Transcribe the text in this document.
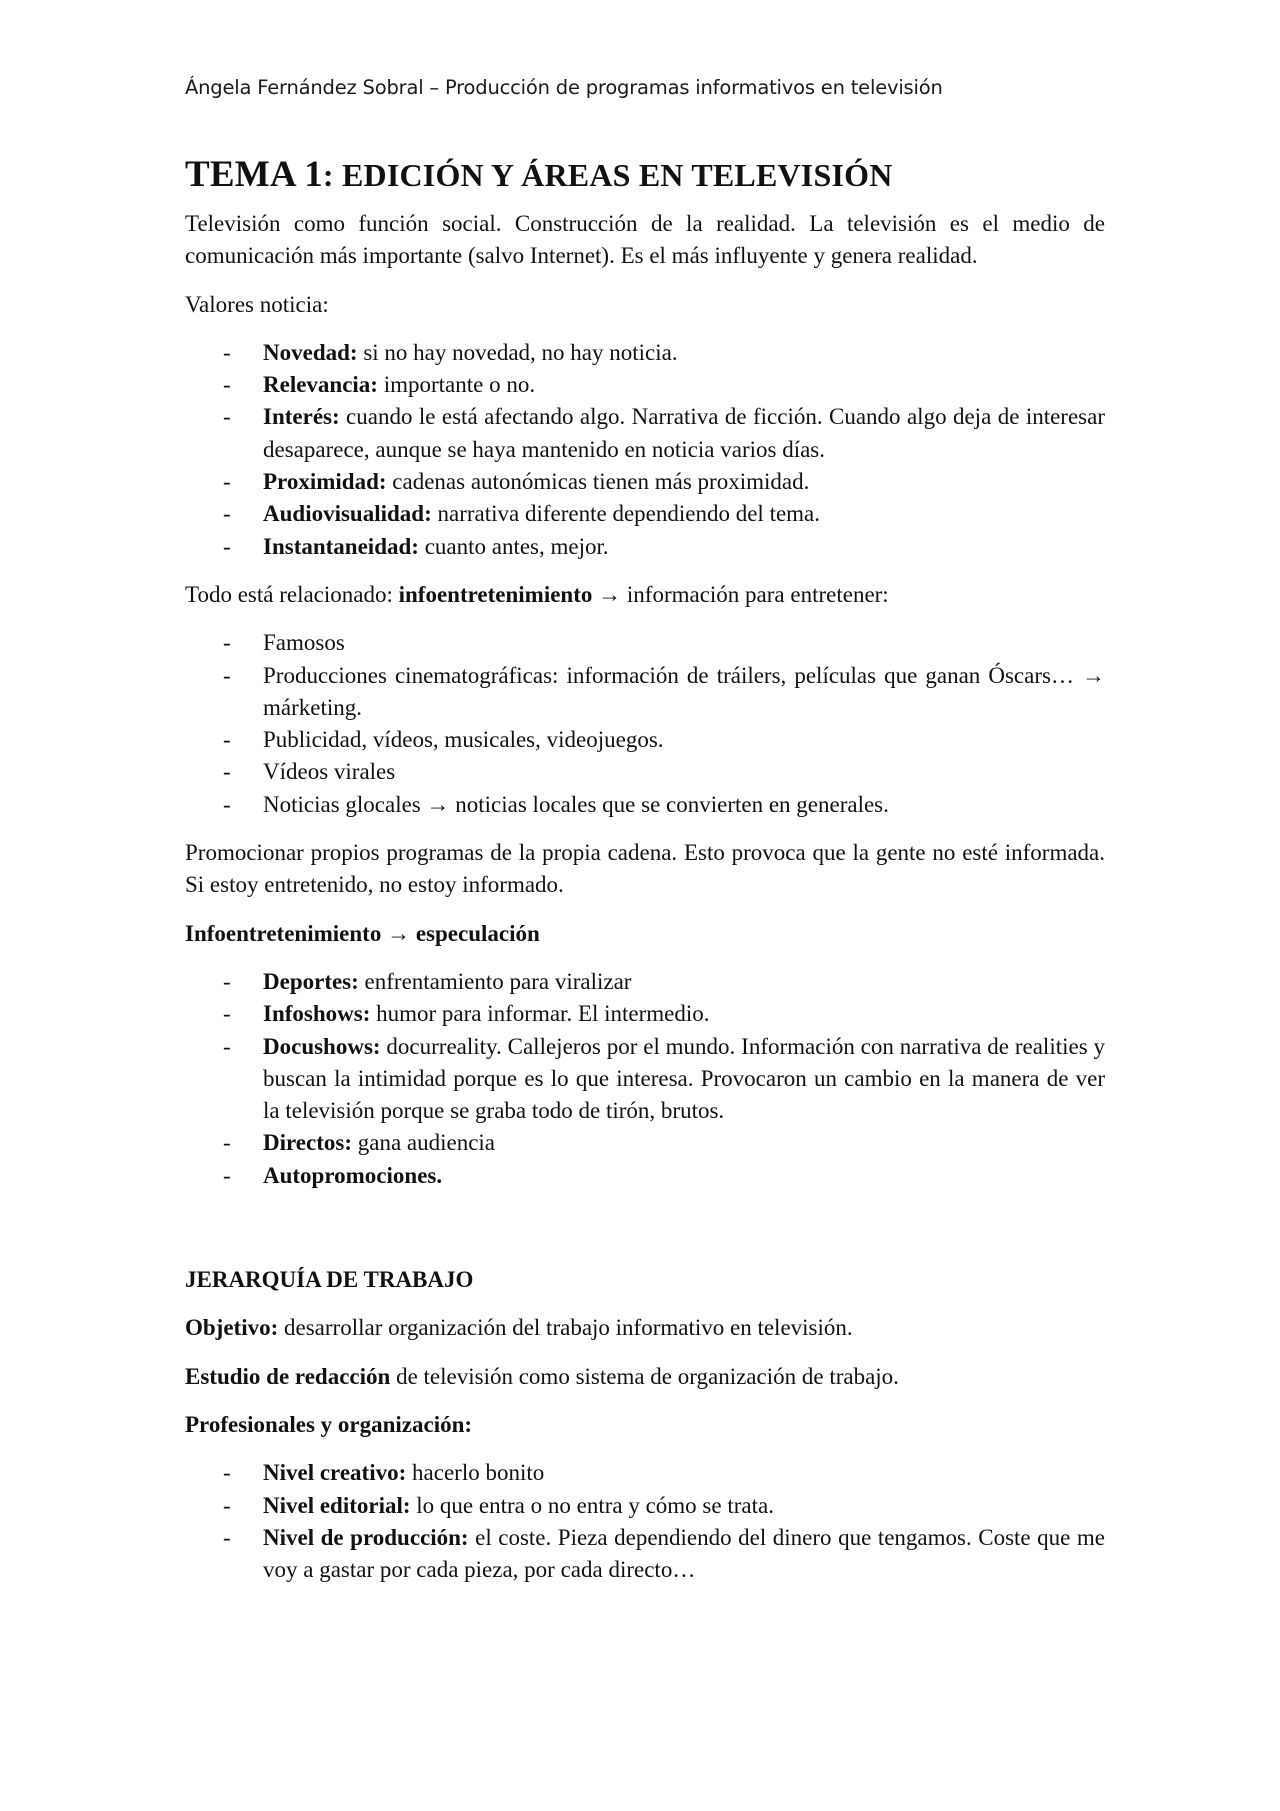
Ángela Fernández Sobral – Producción de programas informativos en televisión
TEMA 1: EDICIÓN Y ÁREAS EN TELEVISIÓN

Televisión como función social. Construcción de la realidad. La televisión es el medio de comunicación más importante (salvo Internet). Es el más influyente y genera realidad.

Valores noticia:

- Novedad: si no hay novedad, no hay noticia.
- Relevancia: importante o no.
- Interés: cuando le está afectando algo. Narrativa de ficción. Cuando algo deja de interesar desaparece, aunque se haya mantenido en noticia varios días.
- Proximidad: cadenas autonómicas tienen más proximidad.
- Audiovisualidad: narrativa diferente dependiendo del tema.
- Instantaneidad: cuanto antes, mejor.

Todo está relacionado: infoentretenimiento → información para entretener:

- Famosos
- Producciones cinematográficas: información de tráilers, películas que ganan Óscars… → márketing.
- Publicidad, vídeos, musicales, videojuegos.
- Vídeos virales
- Noticias glocales → noticias locales que se convierten en generales.

Promocionar propios programas de la propia cadena. Esto provoca que la gente no esté informada. Si estoy entretenido, no estoy informado.

Infoentretenimiento → especulación

- Deportes: enfrentamiento para viralizar
- Infoshows: humor para informar. El intermedio.
- Docushows: docurreality. Callejeros por el mundo. Información con narrativa de realities y buscan la intimidad porque es lo que interesa. Provocaron un cambio en la manera de ver la televisión porque se graba todo de tirón, brutos.
- Directos: gana audiencia
- Autopromociones.
JERARQUÍA DE TRABAJO

Objetivo: desarrollar organización del trabajo informativo en televisión.

Estudio de redacción de televisión como sistema de organización de trabajo.

Profesionales y organización:

- Nivel creativo: hacerlo bonito
- Nivel editorial: lo que entra o no entra y cómo se trata.
- Nivel de producción: el coste. Pieza dependiendo del dinero que tengamos. Coste que me voy a gastar por cada pieza, por cada directo…
